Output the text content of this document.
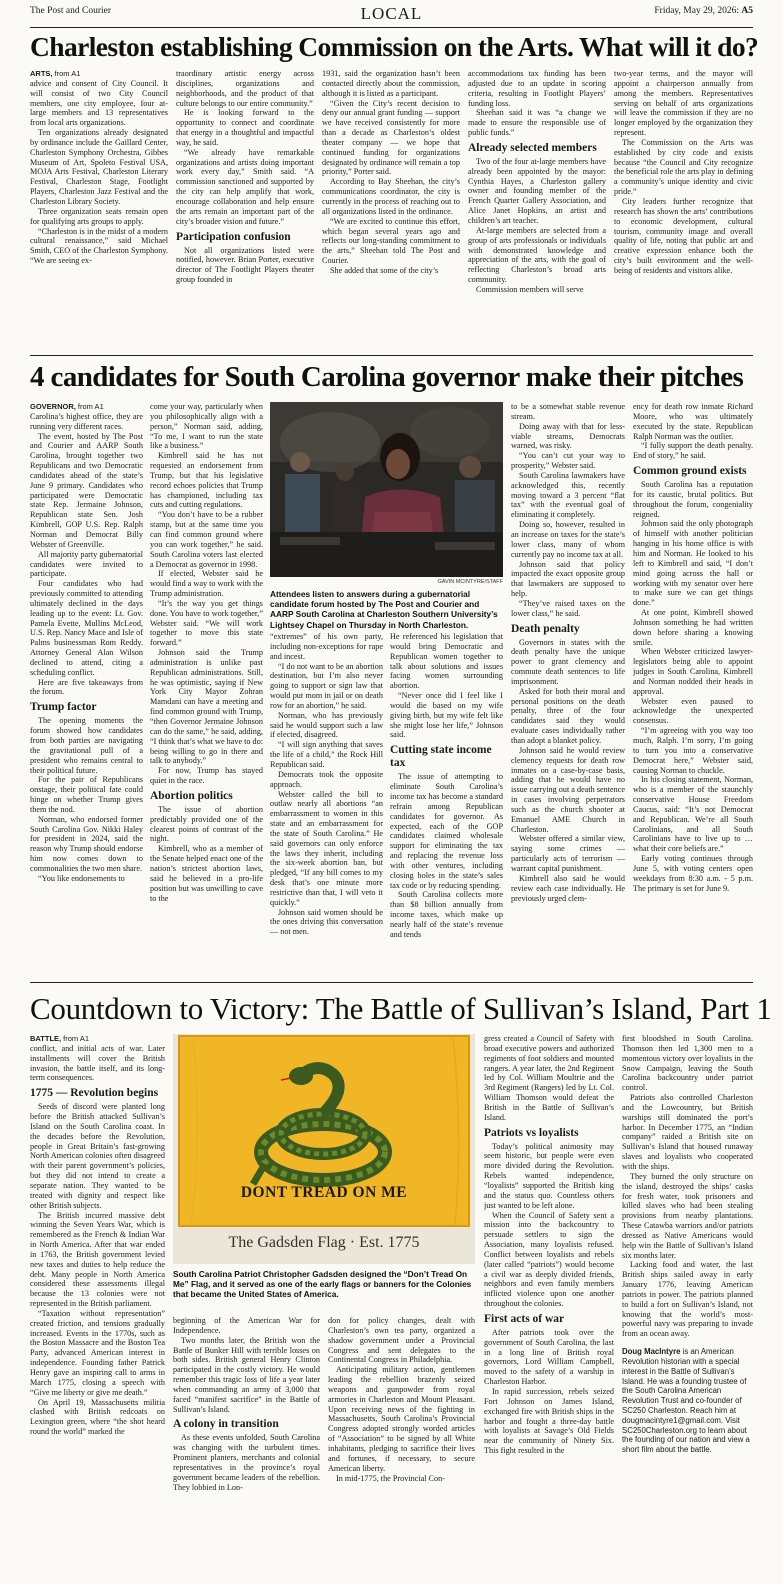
The Post and Courier	LOCAL	Friday, May 29, 2026: A5
Charleston establishing Commission on the Arts. What will it do?

ARTS, from A1

advice and consent of City Council. It will consist of two City Council members, one city employee, four at-large members and 13 representatives from local arts organizations.

Ten organizations already designated by ordinance include the Gaillard Center, Charleston Symphony Orchestra, Gibbes Museum of Art, Spoleto Festival USA, MOJA Arts Festival, Charleston Literary Festival, Charleston Stage, Footlight Players, Charleston Jazz Festival and the Charleston Library Society.

Three organization seats remain open for qualifying arts groups to apply.

“Charleston is in the midst of a modern cultural renaissance,” said Michael Smith, CEO of the Charleston Symphony. “We are seeing ex-

traordinary artistic energy across disciplines, organizations and neighborhoods, and the product of that culture belongs to our entire community.”

He is looking forward to the opportunity to connect and coordinate that energy in a thoughtful and impactful way, he said.

“We already have remarkable organizations and artists doing important work every day,” Smith said. “A commission sanctioned and supported by the city can help amplify that work, encourage collaboration and help ensure the arts remain an important part of the city’s broader vision and future.”

Participation confusion

Not all organizations listed were notified, however. Brian Porter, executive director of The Footlight Players theater group founded in

1931, said the organization hasn’t been contacted directly about the commission, although it is listed as a participant.

“Given the City’s recent decision to deny our annual grant funding — support we have received consistently for more than a decade as Charleston’s oldest theater company — we hope that continued funding for organizations designated by ordinance will remain a top priority,” Porter said.

According to Bay Sheehan, the city’s communications coordinator, the city is currently in the process of reaching out to all organizations listed in the ordinance.

“We are excited to continue this effort, which began several years ago and reflects our long-standing commitment to the arts,” Sheehan told The Post and Courier.

She added that some of the city’s

accommodations tax funding has been adjusted due to an update in scoring criteria, resulting in Footlight Players’ funding loss.

Sheehan said it was “a change we made to ensure the responsible use of public funds.”

Already selected members

Two of the four at-large members have already been appointed by the mayor: Cynthia Hayes, a Charleston gallery owner and founding member of the French Quarter Gallery Association, and Alice Janet Hopkins, an artist and children’s art teacher.

At-large members are selected from a group of arts professionals or individuals with demonstrated knowledge and appreciation of the arts, with the goal of reflecting Charleston’s broad arts community.

Commission members will serve

two-year terms, and the mayor will appoint a chairperson annually from among the members. Representatives serving on behalf of arts organizations will leave the commission if they are no longer employed by the organization they represent.

The Commission on the Arts was established by city code and exists because “the Council and City recognize the beneficial role the arts play in defining a community’s unique identity and civic pride.”

City leaders further recognize that research has shown the arts’ contributions to economic development, cultural tourism, community image and overall quality of life, noting that public art and creative expression enhance both the city’s built environment and the well-being of residents and visitors alike.

4 candidates for South Carolina governor make their pitches

GOVERNOR, from A1

Carolina’s highest office, they are running very different races.

The event, hosted by The Post and Courier and AARP South Carolina, brought together two Republicans and two Democratic candidates ahead of the state’s June 9 primary. Candidates who participated were Democratic state Rep. Jermaine Johnson, Republican state Sen. Josh Kimbrell, GOP U.S. Rep. Ralph Norman and Democrat Billy Webster of Greenville.

All majority party gubernatorial candidates were invited to participate.

Four candidates who had previously committed to attending ultimately declined in the days leading up to the event: Lt. Gov. Pamela Evette, Mullins McLeod, U.S. Rep. Nancy Mace and Isle of Palms businessman Rom Reddy. Attorney General Alan Wilson declined to attend, citing a scheduling conflict.

Here are five takeaways from the forum.

Trump factor

The opening moments the forum showed how candidates from both parties are navigating the gravitational pull of a president who remains central to their political future.

For the pair of Republicans onstage, their political fate could hinge on whether Trump gives them the nod.

Norman, who endorsed former South Carolina Gov. Nikki Haley for president in 2024, said the reason why Trump should endorse him now comes down to commonalities the two men share.

“You like endorsements to

come your way, particularly when you philosophically align with a person,” Norman said, adding, “To me, I want to run the state like a business.”

Kimbrell said he has not requested an endorsement from Trump, but that his legislative record echoes policies that Trump has championed, including tax cuts and cutting regulations.

“You don’t have to be a rubber stamp, but at the same time you can find common ground where you can work together,” he said. South Carolina voters last elected a Democrat as governor in 1998.

If elected, Webster said he would find a way to work with the Trump administration.

“It’s the way you get things done. You have to work together,” Webster said. “We will work together to move this state forward.”

Johnson said the Trump administration is unlike past Republican administrations. Still, he was optimistic, saying if New York City Mayor Zohran Mamdani can have a meeting and find common ground with Trump, “then Governor Jermaine Johnson can do the same,” he said, adding, “I think that’s what we have to do: being willing to go in there and talk to anybody.”

For now, Trump has stayed quiet in the race.

Abortion politics

The issue of abortion predictably provided one of the clearest points of contrast of the night.

Kimbrell, who as a member of the Senate helped enact one of the nation’s strictest abortion laws, said he believed in a pro-life position but was unwilling to cave to the

GAVIN MCINTYRE/STAFF
Attendees listen to answers during a gubernatorial candidate forum hosted by The Post and Courier and AARP South Carolina at Charleston Southern University’s Lightsey Chapel on Thursday in North Charleston.

“extremes” of his own party, including non-exceptions for rape and incest.

“I do not want to be an abortion destination, but I’m also never going to support or sign law that would put mom in jail or on death row for an abortion,” he said.

Norman, who has previously said he would support such a law if elected, disagreed.

“I will sign anything that saves the life of a child,” the Rock Hill Republican said.

Democrats took the opposite approach.

Webster called the bill to outlaw nearly all abortions “an embarrassment to women in this state and an embarrassment for the state of South Carolina.” He said governors can only enforce the laws they inherit, including the six-week abortion ban, but pledged, “If any bill comes to my desk that’s one minute more restrictive than that, I will veto it quickly.”

Johnson said women should be the ones driving this conversation — not men.

He referenced his legislation that would bring Democratic and Republican women together to talk about solutions and issues facing women surrounding abortion.

“Never once did I feel like I would die based on my wife giving birth, but my wife felt like she might lose her life,” Johnson said.

Cutting state income tax

The issue of attempting to eliminate South Carolina’s income tax has become a standard refrain among Republican candidates for governor. As expected, each of the GOP candidates claimed wholesale support for eliminating the tax and replacing the revenue loss with other ventures, including closing holes in the state’s sales tax code or by reducing spending.

South Carolina collects more than $8 billion annually from income taxes, which make up nearly half of the state’s revenue and tends

to be a somewhat stable revenue stream.

Doing away with that for less-viable streams, Democrats warned, was risky.

“You can’t cut your way to prosperity,” Webster said.

South Carolina lawmakers have acknowledged this, recently moving toward a 3 percent “flat tax” with the eventual goal of eliminating it completely.

Doing so, however, resulted in an increase on taxes for the state’s lower class, many of whom currently pay no income tax at all.

Johnson said that policy impacted the exact opposite group that lawmakers are supposed to help.

“They’ve raised taxes on the lower class,” he said.

Death penalty

Governors in states with the death penalty have the unique power to grant clemency and commute death sentences to life imprisonment.

Asked for both their moral and personal positions on the death penalty, three of the four candidates said they would evaluate cases individually rather than adopt a blanket policy.

Johnson said he would review clemency requests for death row inmates on a case-by-case basis, adding that he would have no issue carrying out a death sentence in cases involving perpetrators such as the church shooter at Emanuel AME Church in Charleston.

Webster offered a similar view, saying some crimes — particularly acts of terrorism — warrant capital punishment.

Kimbrell also said he would review each case individually. He previously urged clem-

ency for death row inmate Richard Moore, who was ultimately executed by the state. Republican Ralph Norman was the outlier.

“I fully support the death penalty. End of story,” he said.

Common ground exists

South Carolina has a reputation for its caustic, brutal politics. But throughout the forum, congeniality reigned.

Johnson said the only photograph of himself with another politician hanging in his home office is with him and Norman. He looked to his left to Kimbrell and said, “I don’t mind going across the hall or working with my senator over here to make sure we can get things done.”

At one point, Kimbrell showed Johnson something he had written down before sharing a knowing smile.

When Webster criticized lawyer-legislators being able to appoint judges in South Carolina, Kimbrell and Norman nodded their heads in approval.

Webster even paused to acknowledge the unexpected consensus.

“I’m agreeing with you way too much, Ralph. I’m sorry, I’m going to turn you into a conservative Democrat here,” Webster said, causing Norman to chuckle.

In his closing statement, Norman, who is a member of the staunchly conservative House Freedom Caucus, said: “It’s not Democrat and Republican. We’re all South Carolinians, and all South Carolinians have to live up to … what their core beliefs are.”

Early voting continues through June 5, with voting centers open weekdays from 8:30 a.m. - 5 p.m. The primary is set for June 9.

Countdown to Victory: The Battle of Sullivan’s Island, Part 1

BATTLE, from A1

conflict, and initial acts of war. Later installments will cover the British invasion, the battle itself, and its long-term consequences.

1775 — Revolution begins

Seeds of discord were planted long before the British attacked Sullivan’s Island on the South Carolina coast. In the decades before the Revolution, people in Great Britain’s fast-growing North American colonies often disagreed with their parent government’s policies, but they did not intend to create a separate nation. They wanted to be treated with dignity and respect like other British subjects.

The British incurred massive debt winning the Seven Years War, which is remembered as the French & Indian War in North America. After that war ended in 1763, the British government levied new taxes and duties to help reduce the debt. Many people in North America considered these assessments illegal because the 13 colonies were not represented in the British parliament.

“Taxation without representation” created friction, and tensions gradually increased. Events in the 1770s, such as the Boston Massacre and the Boston Tea Party, advanced American interest in independence. Founding father Patrick Henry gave an inspiring call to arms in March 1775, closing a speech with “Give me liberty or give me death.”

On April 19, Massachusetts militia clashed with British redcoats on Lexington green, where “the shot heard round the world” marked the

DONT TREAD ON ME
The Gadsden Flag · Est. 1775
South Carolina Patriot Christopher Gadsden designed the “Don’t Tread On Me” Flag, and it served as one of the early flags or banners for the Colonies that became the United States of America.

beginning of the American War for Independence.

Two months later, the British won the Battle of Bunker Hill with terrible losses on both sides. British general Henry Clinton participated in the costly victory. He would remember this tragic loss of life a year later when commanding an army of 3,000 that faced “manifest sacrifice” in the Battle of Sullivan’s Island.

A colony in transition

As these events unfolded, South Carolina was changing with the turbulent times. Prominent planters, merchants and colonial representatives in the province’s royal government became leaders of the rebellion. They lobbied in Lon-

don for policy changes, dealt with Charleston’s own tea party, organized a shadow government under a Provincial Congress and sent delegates to the Continental Congress in Philadelphia.

Anticipating military action, gentlemen leading the rebellion brazenly seized weapons and gunpowder from royal armories in Charleston and Mount Pleasant. Upon receiving news of the fighting in Massachusetts, South Carolina’s Provincial Congress adopted strongly worded articles of “Association” to be signed by all White inhabitants, pledging to sacrifice their lives and fortunes, if necessary, to secure American liberty.

In mid-1775, the Provincial Con-

gress created a Council of Safety with broad executive powers and authorized regiments of foot soldiers and mounted rangers. A year later, the 2nd Regiment led by Col. William Moultrie and the 3rd Regiment (Rangers) led by Lt. Col. William Thomson would defeat the British in the Battle of Sullivan’s Island.

Patriots vs loyalists

Today’s political animosity may seem historic, but people were even more divided during the Revolution. Rebels wanted independence, “loyalists” supported the British king and the status quo. Countless others just wanted to be left alone.

When the Council of Safety sent a mission into the backcountry to persuade settlers to sign the Association, many loyalists refused. Conflict between loyalists and rebels (later called “patriots”) would become a civil war as deeply divided friends, neighbors and even family members inflicted violence upon one another throughout the colonies.

First acts of war

After patriots took over the government of South Carolina, the last in a long line of British royal governors, Lord William Campbell, moved to the safety of a warship in Charleston Harbor.

In rapid succession, rebels seized Fort Johnson on James Island, exchanged fire with British ships in the harbor and fought a three-day battle with loyalists at Savage’s Old Fields near the community of Ninety Six. This fight resulted in the

first bloodshed in South Carolina. Thomson then led 1,300 men to a momentous victory over loyalists in the Snow Campaign, leaving the South Carolina backcountry under patriot control.

Patriots also controlled Charleston and the Lowcountry, but British warships still dominated the port’s harbor. In December 1775, an “Indian company” raided a British site on Sullivan’s Island that housed runaway slaves and loyalists who cooperated with the ships.

They burned the only structure on the island, destroyed the ships’ casks for fresh water, took prisoners and killed slaves who had been stealing provisions from nearby plantations. These Catawba warriors and/or patriots dressed as Native Americans would help win the Battle of Sullivan’s Island six months later.

Lacking food and water, the last British ships sailed away in early January 1776, leaving American patriots in power. The patriots planned to build a fort on Sullivan’s Island, not knowing that the world’s most-powerful navy was preparing to invade from an ocean away.

Doug MacIntyre is an American Revolution historian with a special interest in the Battle of Sullivan’s Island. He was a founding trustee of the South Carolina American Revolution Trust and co-founder of SC250 Charleston. Reach him at dougmacintyre1@gmail.com. Visit SC250Charleston.org to learn about the founding of our nation and view a short film about the battle.
